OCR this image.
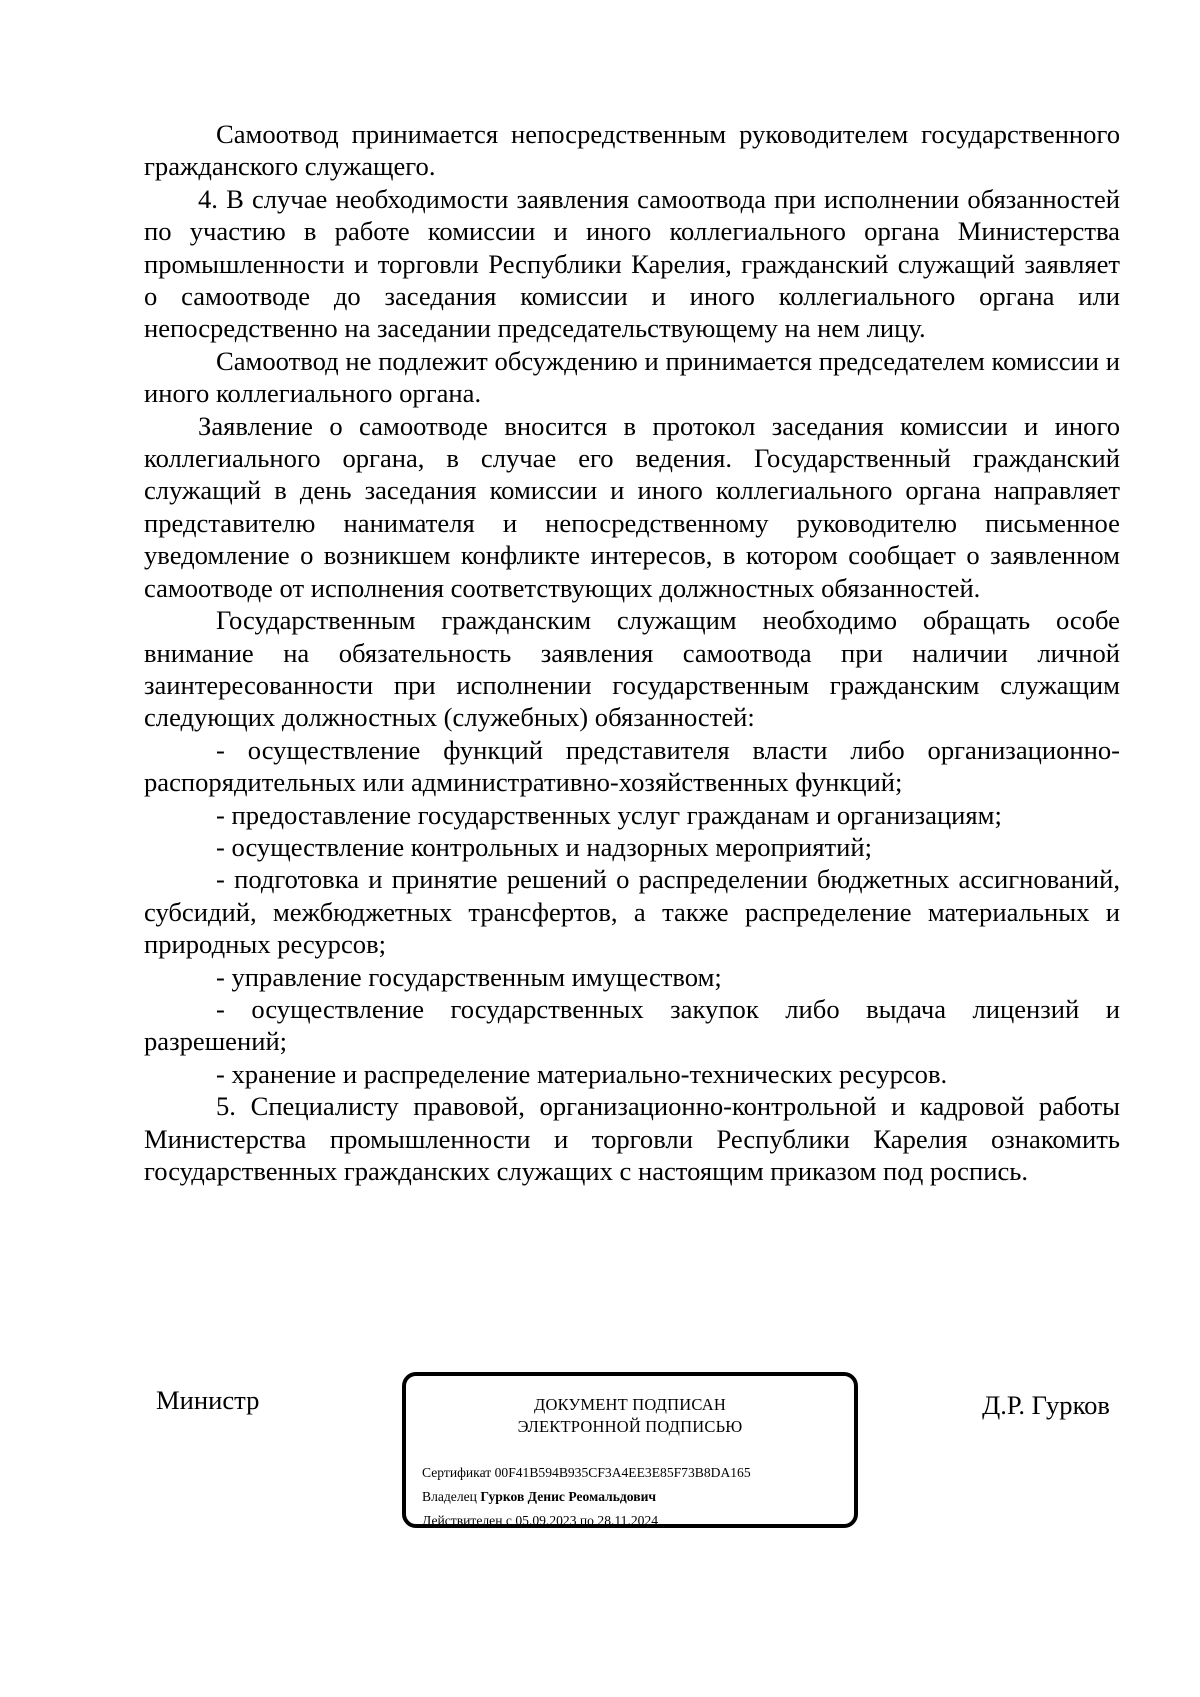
Самоотвод принимается непосредственным руководителем государственного гражданского служащего.

4. В случае необходимости заявления самоотвода при исполнении обязанностей по участию в работе комиссии и иного коллегиального органа Министерства промышленности и торговли Республики Карелия, гражданский служащий заявляет о самоотводе до заседания комиссии и иного коллегиального органа или непосредственно на заседании председательствующему на нем лицу.

Самоотвод не подлежит обсуждению и принимается председателем комиссии и иного коллегиального органа.

Заявление о самоотводе вносится в протокол заседания комиссии и иного коллегиального органа, в случае его ведения. Государственный гражданский служащий в день заседания комиссии и иного коллегиального органа направляет представителю нанимателя и непосредственному руководителю письменное уведомление о возникшем конфликте интересов, в котором сообщает о заявленном самоотводе от исполнения соответствующих должностных обязанностей.

Государственным гражданским служащим необходимо обращать особе внимание на обязательность заявления самоотвода при наличии личной заинтересованности при исполнении государственным гражданским служащим следующих должностных (служебных) обязанностей:

- осуществление функций представителя власти либо организационно-распорядительных или административно-хозяйственных функций;

- предоставление государственных услуг гражданам и организациям;

- осуществление контрольных и надзорных мероприятий;

- подготовка и принятие решений о распределении бюджетных ассигнований, субсидий, межбюджетных трансфертов, а также распределение материальных и природных ресурсов;

- управление государственным имуществом;

- осуществление государственных закупок либо выдача лицензий и разрешений;

- хранение и распределение материально-технических ресурсов.

5. Специалисту правовой, организационно-контрольной и кадровой работы Министерства промышленности и торговли Республики Карелия ознакомить государственных гражданских служащих с настоящим приказом под роспись.

Министр	ДОКУМЕНТ ПОДПИСАН
ЭЛЕКТРОННОЙ ПОДПИСЬЮ
Сертификат 00F41B594B935CF3A4EE3E85F73B8DA165
Владелец Гурков Денис Реомальдович
Действителен с 05.09.2023 по 28.11.2024
Д.Р. Гурков
